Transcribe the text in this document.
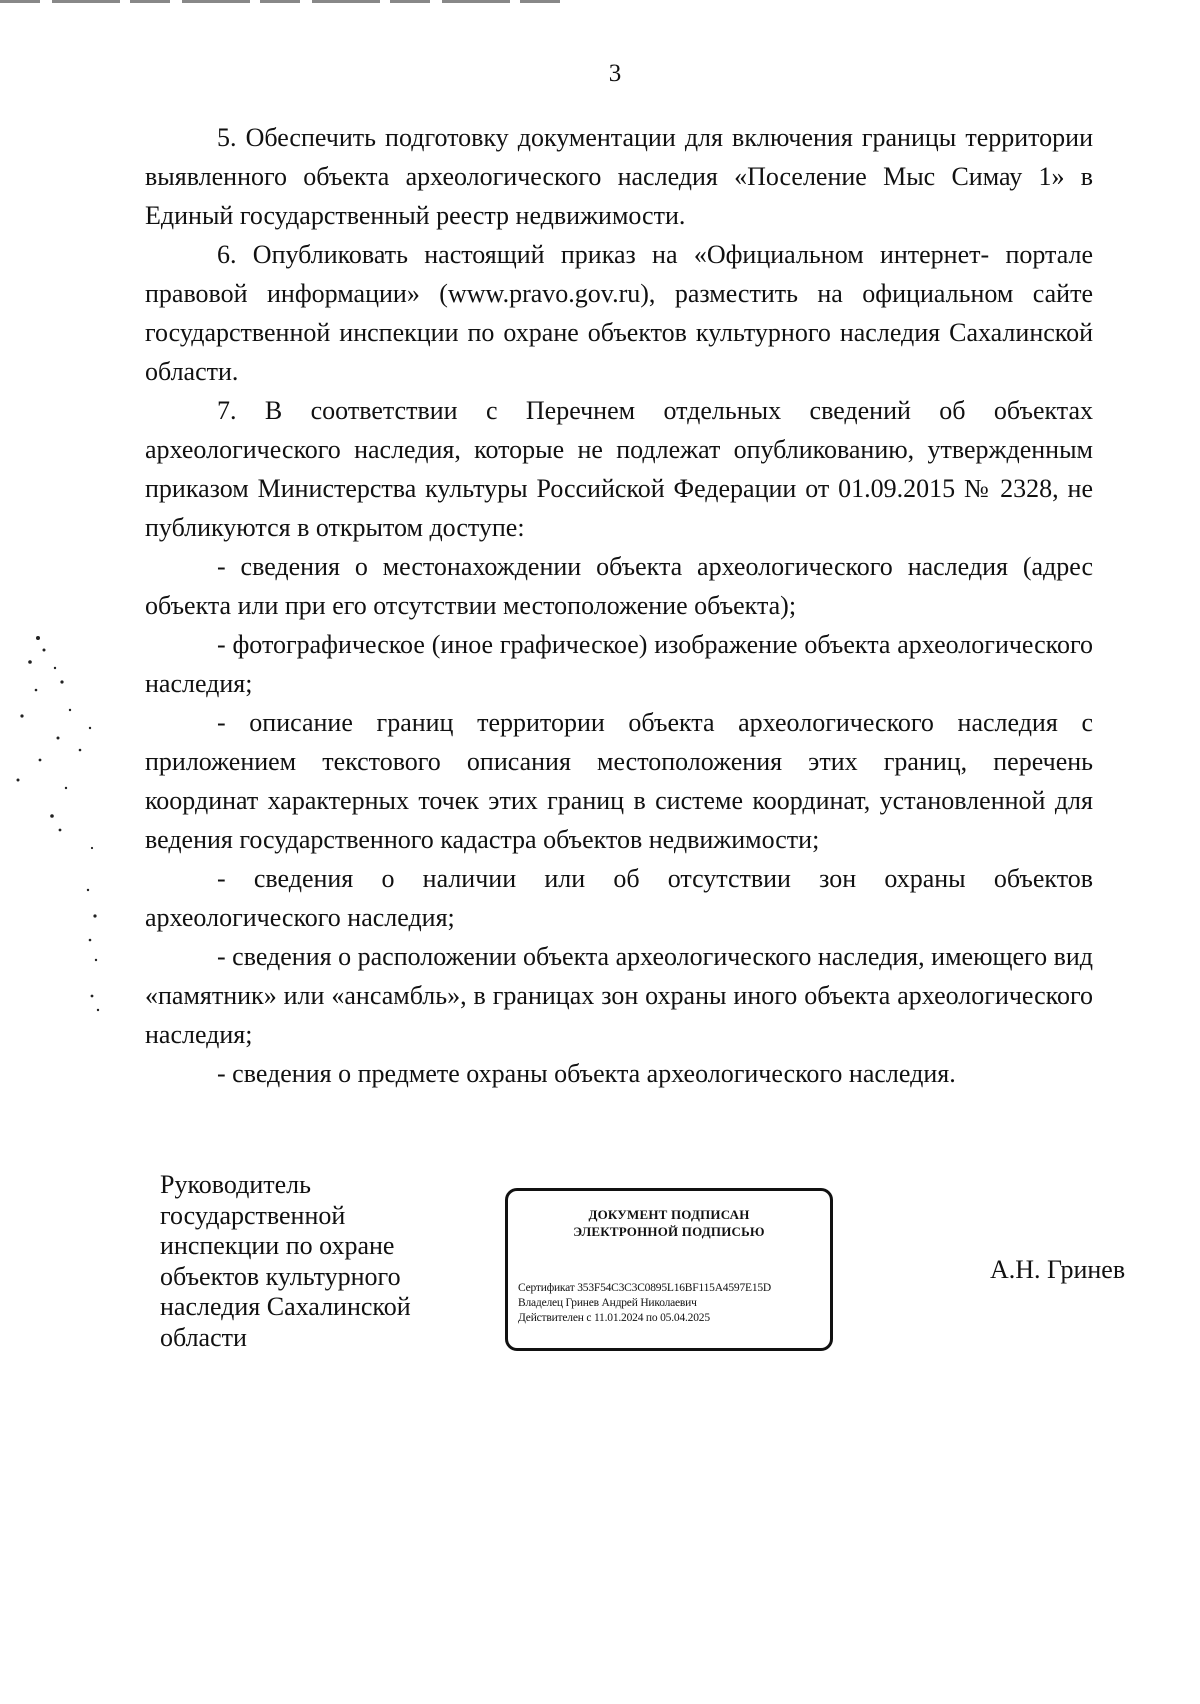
3

5. Обеспечить подготовку документации для включения границы территории выявленного объекта археологического наследия «Поселение Мыс Симау 1» в Единый государственный реестр недвижимости.

6. Опубликовать настоящий приказ на «Официальном интернет- портале правовой информации» (www.pravo.gov.ru), разместить на официальном сайте государственной инспекции по охране объектов культурного наследия Сахалинской области.

7. В соответствии с Перечнем отдельных сведений об объектах археологического наследия, которые не подлежат опубликованию, утвержденным приказом Министерства культуры Российской Федерации от 01.09.2015 № 2328, не публикуются в открытом доступе:

- сведения о местонахождении объекта археологического наследия (адрес объекта или при его отсутствии местоположение объекта);

- фотографическое (иное графическое) изображение объекта археологического наследия;

- описание границ территории объекта археологического наследия с приложением текстового описания местоположения этих границ, перечень координат характерных точек этих границ в системе координат, установленной для ведения государственного кадастра объектов недвижимости;

- сведения о наличии или об отсутствии зон охраны объектов археологического наследия;

- сведения о расположении объекта археологического наследия, имеющего вид «памятник» или «ансамбль», в границах зон охраны иного объекта археологического наследия;

- сведения о предмете охраны объекта археологического наследия.

Руководитель
государственной
инспекции по охране
объектов культурного
наследия Сахалинской
области
ДОКУМЕНТ ПОДПИСАН
ЭЛЕКТРОННОЙ ПОДПИСЬЮ
Сертификат 353F54C3C3C0895L16BF115A4597E15D
Владелец Гринев Андрей Николаевич
Действителен с 11.01.2024 по 05.04.2025
А.Н. Гринев
